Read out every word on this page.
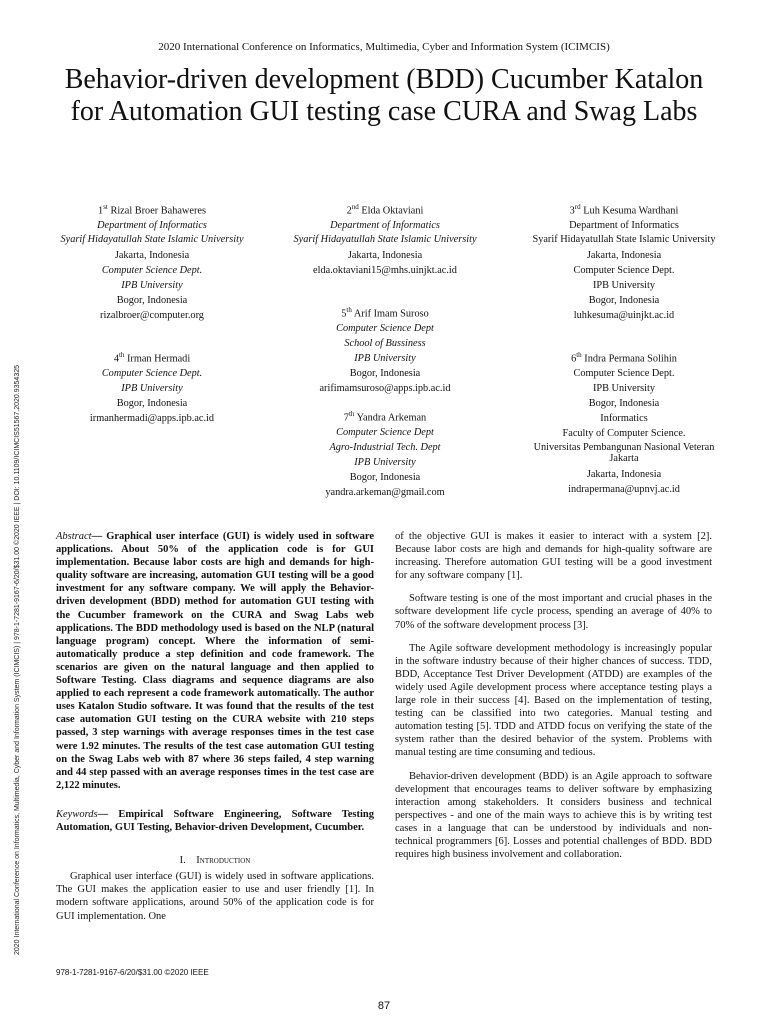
2020 International Conference on Informatics, Multimedia, Cyber and Information System (ICIMCIS)
Behavior-driven development (BDD) Cucumber Katalon for Automation GUI testing case CURA and Swag Labs
2020 International Conference on Informatics, Multimedia, Cyber and Information System (ICIMCIS) | 978-1-7281-9167-6/20/$31.00 ©2020 IEEE | DOI: 10.1109/ICIMCIS51567.2020.9354325
1st Rizal Broer Bahaweres
Department of Informatics
Syarif Hidayatullah State Islamic University
Jakarta, Indonesia
Computer Science Dept.
IPB University
Bogor, Indonesia
rizalbroer@computer.org
2nd Elda Oktaviani
Department of Informatics
Syarif Hidayatullah State Islamic University
Jakarta, Indonesia
elda.oktaviani15@mhs.uinjkt.ac.id
3rd Luh Kesuma Wardhani
Department of Informatics
Syarif Hidayatullah State Islamic University
Jakarta, Indonesia
Computer Science Dept.
IPB University
Bogor, Indonesia
luhkesuma@uinjkt.ac.id
4th Irman Hermadi
Computer Science Dept.
IPB University
Bogor, Indonesia
irmanhermadi@apps.ipb.ac.id
5th Arif Imam Suroso
Computer Science Dept
School of Bussiness
IPB University
Bogor, Indonesia
arifimamsuroso@apps.ipb.ac.id
6th Indra Permana Solihin
Computer Science Dept.
IPB University
Bogor, Indonesia
Informatics
Faculty of Computer Science.
Universitas Pembangunan Nasional Veteran Jakarta
Jakarta, Indonesia
indrapermana@upnvj.ac.id
7th Yandra Arkeman
Computer Science Dept
Agro-Industrial Tech. Dept
IPB University
Bogor, Indonesia
yandra.arkeman@gmail.com
Abstract— Graphical user interface (GUI) is widely used in software applications. About 50% of the application code is for GUI implementation. Because labor costs are high and demands for high-quality software are increasing, automation GUI testing will be a good investment for any software company. We will apply the Behavior-driven development (BDD) method for automation GUI testing with the Cucumber framework on the CURA and Swag Labs web applications. The BDD methodology used is based on the NLP (natural language program) concept. Where the information of semi-automatically produce a step definition and code framework. The scenarios are given on the natural language and then applied to Software Testing. Class diagrams and sequence diagrams are also applied to each represent a code framework automatically. The author uses Katalon Studio software. It was found that the results of the test case automation GUI testing on the CURA website with 210 steps passed, 3 step warnings with average responses times in the test case were 1.92 minutes. The results of the test case automation GUI testing on the Swag Labs web with 87 where 36 steps failed, 4 step warning and 44 step passed with an average responses times in the test case are 2,122 minutes.
Keywords— Empirical Software Engineering, Software Testing Automation, GUI Testing, Behavior-driven Development, Cucumber.
I. Introduction
Graphical user interface (GUI) is widely used in software applications. The GUI makes the application easier to use and user friendly [1]. In modern software applications, around 50% of the application code is for GUI implementation. One

of the objective GUI is makes it easier to interact with a system [2]. Because labor costs are high and demands for high-quality software are increasing. Therefore automation GUI testing will be a good investment for any software company [1].

Software testing is one of the most important and crucial phases in the software development life cycle process, spending an average of 40% to 70% of the software development process [3].

The Agile software development methodology is increasingly popular in the software industry because of their higher chances of success. TDD, BDD, Acceptance Test Driver Development (ATDD) are examples of the widely used Agile development process where acceptance testing plays a large role in their success [4]. Based on the implementation of testing, testing can be classified into two categories. Manual testing and automation testing [5]. TDD and ATDD focus on verifying the state of the system rather than the desired behavior of the system. Problems with manual testing are time consuming and tedious.

Behavior-driven development (BDD) is an Agile approach to software development that encourages teams to deliver software by emphasizing interaction among stakeholders. It considers business and technical perspectives - and one of the main ways to achieve this is by writing test cases in a language that can be understood by individuals and non-technical programmers [6]. Losses and potential challenges of BDD. BDD requires high business involvement and collaboration.

978-1-7281-9167-6/20/$31.00 ©2020 IEEE
87
